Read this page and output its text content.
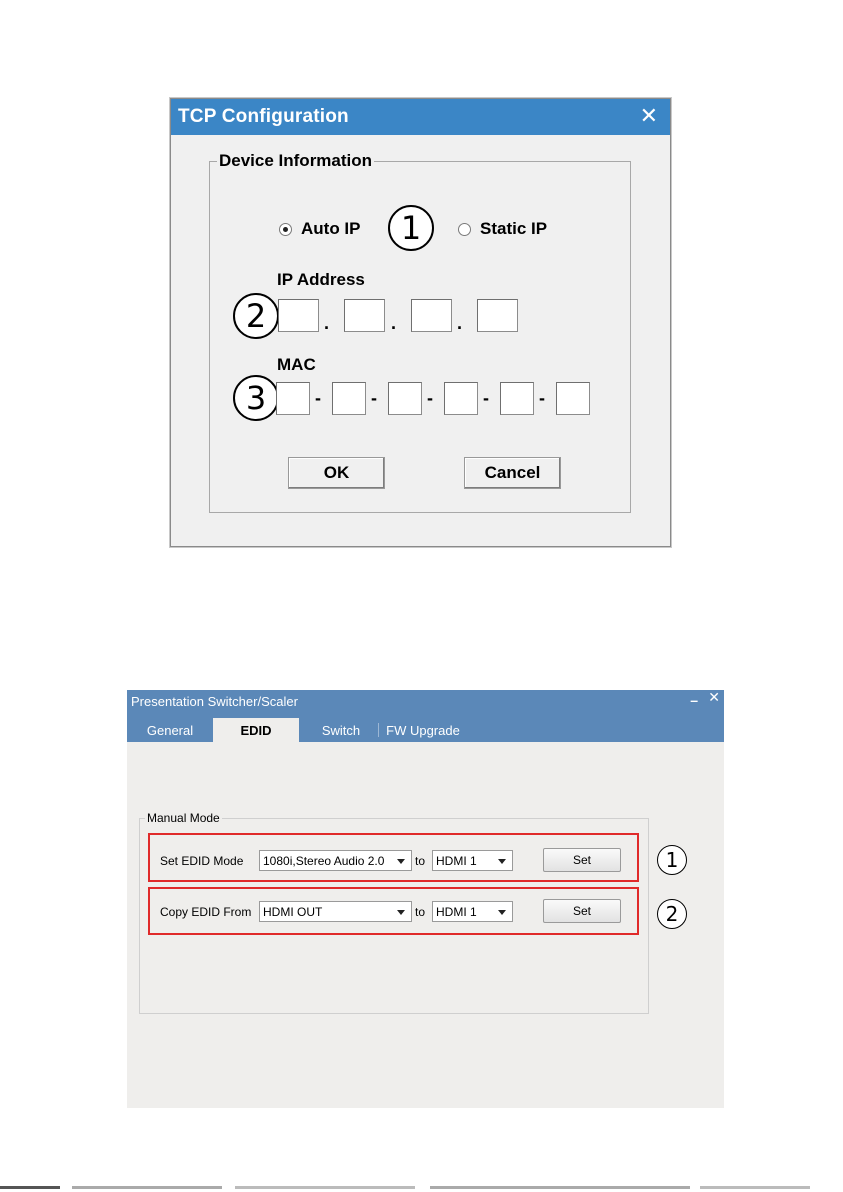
TCP Configuration	✕
Device Information
Auto IP	1	Static IP
IP Address
2	.	.	.
MAC
3	-	-	-	-	-
OK	Cancel
Presentation Switcher/Scaler	– ✕
General	EDID	Switch	FW Upgrade
Manual Mode
Set EDID Mode 1080i,Stereo Audio 2.0	to HDMI 1	Set
Copy EDID From HDMI OUT	to HDMI 1	Set
1
2
